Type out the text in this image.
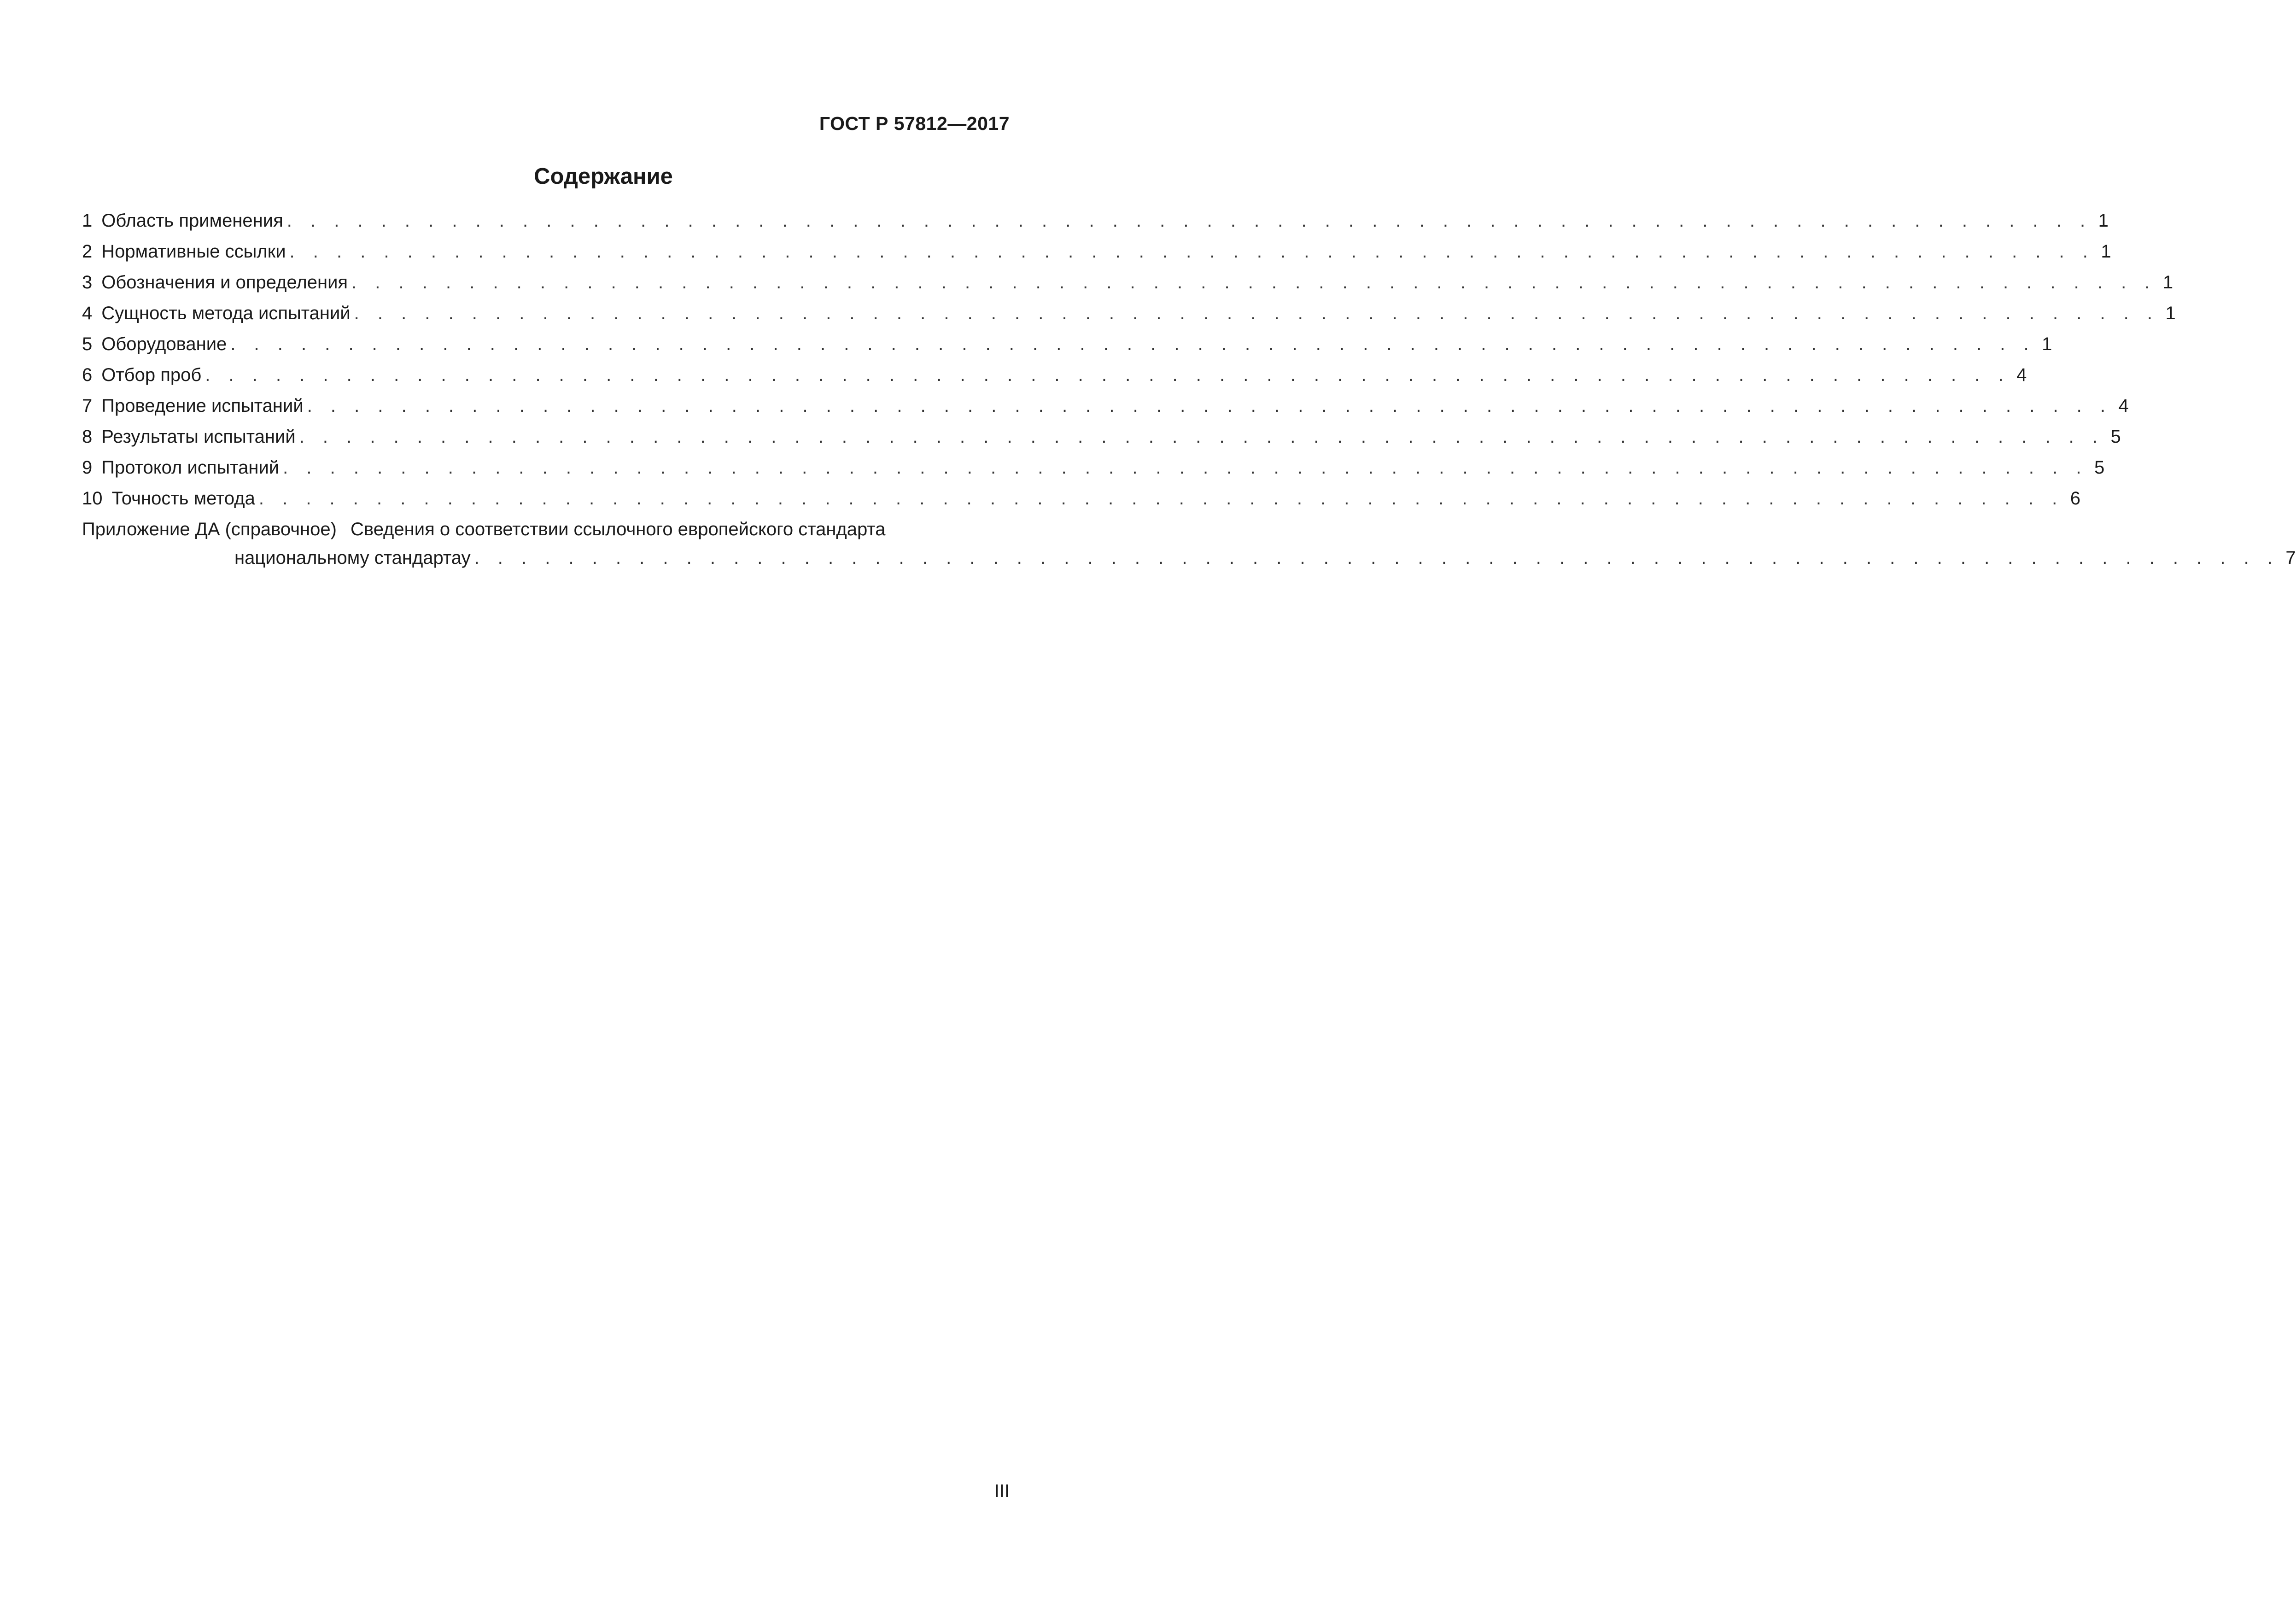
ГОСТ Р 57812—2017
Содержание
1 Область применения . . . . . . . . . . . . . . . . . . . . . . . . . . . . . . . . . . . . . . . . . . . . . . . . . . . . . . . . . . . . . . . . . . . . . . . . . . . . . 1
2 Нормативные ссылки . . . . . . . . . . . . . . . . . . . . . . . . . . . . . . . . . . . . . . . . . . . . . . . . . . . . . . . . . . . . . . . . . . . . . . . . . . . . . 1
3 Обозначения и определения . . . . . . . . . . . . . . . . . . . . . . . . . . . . . . . . . . . . . . . . . . . . . . . . . . . . . . . . . . . . . . . . . . . . . . . . . . . . . 1
4 Сущность метода испытаний . . . . . . . . . . . . . . . . . . . . . . . . . . . . . . . . . . . . . . . . . . . . . . . . . . . . . . . . . . . . . . . . . . . . . . . . . . . . . 1
5 Оборудование . . . . . . . . . . . . . . . . . . . . . . . . . . . . . . . . . . . . . . . . . . . . . . . . . . . . . . . . . . . . . . . . . . . . . . . . . . . . . 1
6 Отбор проб . . . . . . . . . . . . . . . . . . . . . . . . . . . . . . . . . . . . . . . . . . . . . . . . . . . . . . . . . . . . . . . . . . . . . . . . . . . . . 4
7 Проведение испытаний . . . . . . . . . . . . . . . . . . . . . . . . . . . . . . . . . . . . . . . . . . . . . . . . . . . . . . . . . . . . . . . . . . . . . . . . . . . . . 4
8 Результаты испытаний . . . . . . . . . . . . . . . . . . . . . . . . . . . . . . . . . . . . . . . . . . . . . . . . . . . . . . . . . . . . . . . . . . . . . . . . . . . . . 5
9 Протокол испытаний . . . . . . . . . . . . . . . . . . . . . . . . . . . . . . . . . . . . . . . . . . . . . . . . . . . . . . . . . . . . . . . . . . . . . . . . . . . . . 5
10 Точность метода . . . . . . . . . . . . . . . . . . . . . . . . . . . . . . . . . . . . . . . . . . . . . . . . . . . . . . . . . . . . . . . . . . . . . . . . . . . . . 6
Приложение ДА (справочное) Сведения о соответствии ссылочного европейского стандарта
национальному стандартау . . . . . . . . . . . . . . . . . . . . . . . . . . . . . . . . . . . . . . . . . . . . . . . . . . . . . . . . . . . . . . . . . . . . . . . . . . . . . 7
III
